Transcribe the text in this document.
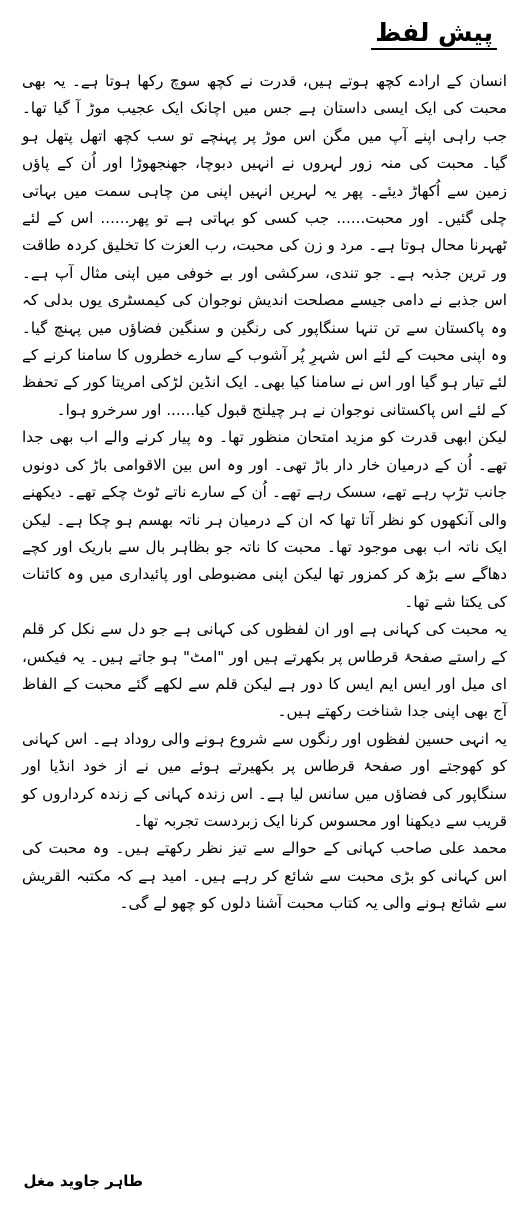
پیش لفظ

انسان کے ارادے کچھ ہوتے ہیں، قدرت نے کچھ سوچ رکھا ہوتا ہے۔ یہ بھی محبت کی ایک ایسی داستان ہے جس میں اچانک ایک عجیب موڑ آ گیا تھا۔ جب راہی اپنے آپ میں مگن اس موڑ پر پہنچے تو سب کچھ اتھل پتھل ہو گیا۔ محبت کی منہ زور لہروں نے انہیں دبوچا، جھنجھوڑا اور اُن کے پاؤں زمین سے اُکھاڑ دیئے۔ پھر یہ لہریں انہیں اپنی من چاہی سمت میں بہاتی چلی گئیں۔ اور محبت...... جب کسی کو بہاتی ہے تو پھر...... اس کے لئے ٹھہرنا محال ہوتا ہے۔ مرد و زن کی محبت، رب العزت کا تخلیق کردہ طاقت ور ترین جذبہ ہے۔ جو تندی، سرکشی اور بے خوفی میں اپنی مثال آپ ہے۔ اس جذبے نے دامی جیسے مصلحت اندیش نوجوان کی کیمسٹری یوں بدلی کہ وہ پاکستان سے تن تنہا سنگاپور کی رنگین و سنگین فضاؤں میں پہنچ گیا۔ وہ اپنی محبت کے لئے اس شہرِ پُر آشوب کے سارے خطروں کا سامنا کرنے کے لئے تیار ہو گیا اور اس نے سامنا کیا بھی۔ ایک انڈین لڑکی امریتا کور کے تحفظ کے لئے اس پاکستانی نوجوان نے ہر چیلنج قبول کیا...... اور سرخرو ہوا۔

لیکن ابھی قدرت کو مزید امتحان منظور تھا۔ وہ پیار کرنے والے اب بھی جدا تھے۔ اُن کے درمیان خار دار باڑ تھی۔ اور وہ اس بین الاقوامی باڑ کی دونوں جانب تڑپ رہے تھے، سسک رہے تھے۔ اُن کے سارے ناتے ٹوٹ چکے تھے۔ دیکھنے والی آنکھوں کو نظر آتا تھا کہ ان کے درمیان ہر ناتہ بھسم ہو چکا ہے۔ لیکن ایک ناتہ اب بھی موجود تھا۔ محبت کا ناتہ جو بظاہر بال سے باریک اور کچے دھاگے سے بڑھ کر کمزور تھا لیکن اپنی مضبوطی اور پائیداری میں وہ کائنات کی یکتا شے تھا۔

یہ محبت کی کہانی ہے اور ان لفظوں کی کہانی ہے جو دل سے نکل کر قلم کے راستے صفحۂ قرطاس پر بکھرتے ہیں اور "امٹ" ہو جاتے ہیں۔ یہ فیکس، ای میل اور ایس ایم ایس کا دور ہے لیکن قلم سے لکھے گئے محبت کے الفاظ آج بھی اپنی جدا شناخت رکھتے ہیں۔

یہ انہی حسین لفظوں اور رنگوں سے شروع ہونے والی روداد ہے۔ اس کہانی کو کھوجتے اور صفحۂ قرطاس پر بکھیرتے ہوئے میں نے از خود انڈیا اور سنگاپور کی فضاؤں میں سانس لیا ہے۔ اس زندہ کہانی کے زندہ کرداروں کو قریب سے دیکھنا اور محسوس کرنا ایک زبردست تجربہ تھا۔

محمد علی صاحب کہانی کے حوالے سے تیز نظر رکھتے ہیں۔ وہ محبت کی اس کہانی کو بڑی محبت سے شائع کر رہے ہیں۔ امید ہے کہ مکتبہ القریش سے شائع ہونے والی یہ کتاب محبت آشنا دلوں کو چھو لے گی۔

طاہر جاوید مغل
